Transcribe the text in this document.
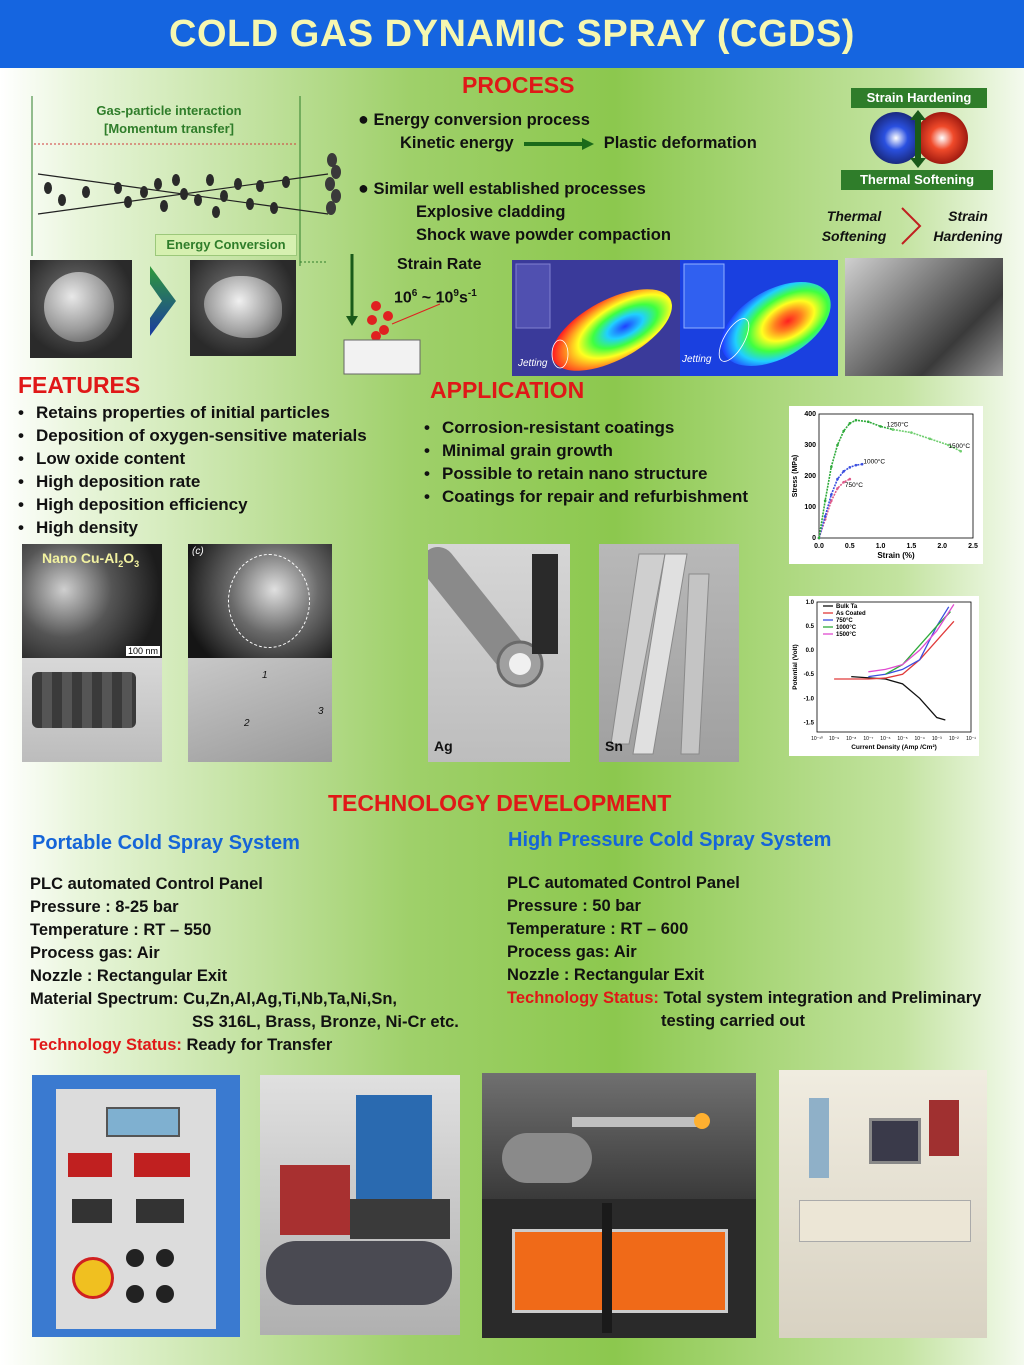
COLD GAS DYNAMIC SPRAY (CGDS)
PROCESS
Gas-particle interaction
[Momentum transfer]
Energy Conversion
Strain Rate
$10^6$ ~ $10^9s^{-1}$
● Energy conversion process
Kinetic energy	Plastic deformation
● Similar well established processes
Explosive cladding
Shock wave powder compaction
Strain Hardening
Thermal Softening
Thermal
Softening
Strain
Hardening
Jetting	Jetting
FEATURES
• Retains properties of initial particles
• Deposition of oxygen-sensitive materials
• Low oxide content
• High deposition rate
• High deposition efficiency
• High density
Nano $Cu-Al_2O_3$
100 nm
(c)
1
2
3
APPLICATION
• Corrosion-resistant coatings
• Minimal grain growth
• Possible to retain nano structure
• Coatings for repair and refurbishment
Ag	Sn
0.0	0.5	1.0	1.5	2.0	2.5
0
100
200
300
400
Strain (%)
Stress (MPa)
1250°C
1000°C
750°C
1500°C
10⁻¹⁰ 10⁻⁹ 10⁻⁸ 10⁻⁷ 10⁻⁶ 10⁻⁵ 10⁻⁴ 10⁻³ 10⁻² 10⁻¹
-1.5
-1.0
-0.5
0.0
0.5
1.0
Current Density (Amp /Cm²)
Potential (Volt)
Bulk Ta
As Coated
750°C
1000°C
1500°C
TECHNOLOGY DEVELOPMENT
Portable Cold Spray System
PLC automated Control Panel
Pressure : 8-25 bar
Temperature : RT – 550
Process gas: Air
Nozzle : Rectangular Exit
Material Spectrum: Cu,Zn,Al,Ag,Ti,Nb,Ta,Ni,Sn,
SS 316L, Brass, Bronze, Ni-Cr etc.
Technology Status: Ready for Transfer
High Pressure Cold Spray System
PLC automated Control Panel
Pressure : 50 bar
Temperature : RT – 600
Process gas: Air
Nozzle : Rectangular Exit
Technology Status: Total system integration and Preliminary
testing carried out
